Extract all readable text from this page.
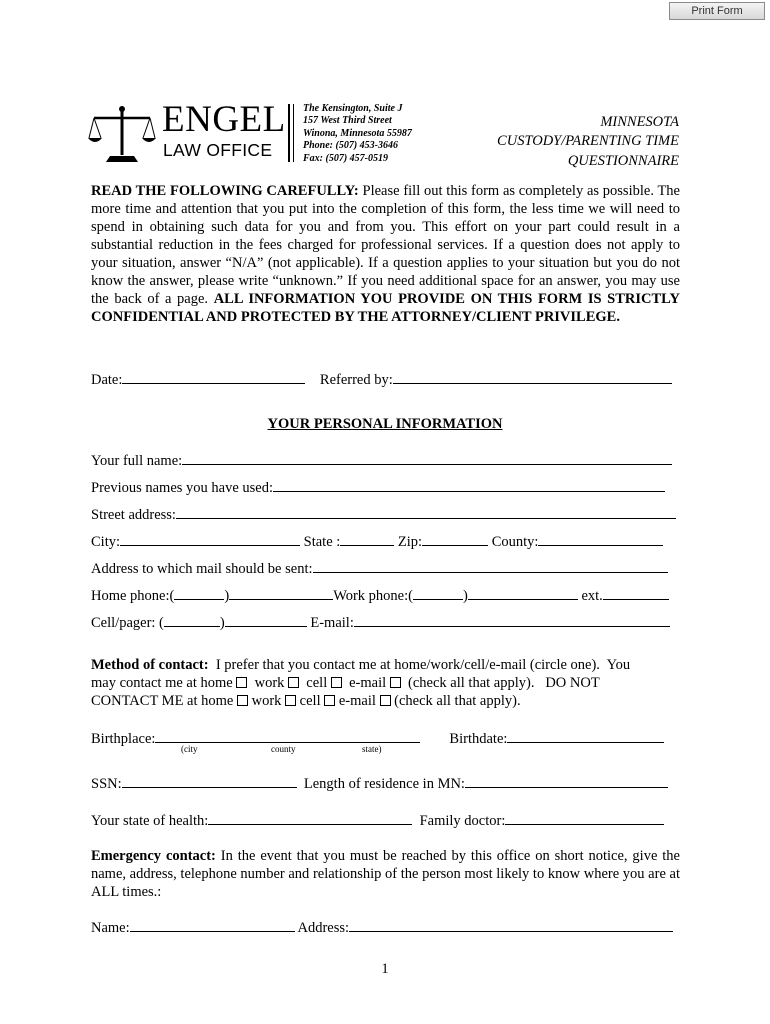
Print Form
ENGEL
LAW OFFICE
The Kensington, Suite J
157 West Third Street
Winona, Minnesota 55987
Phone: (507) 453-3646
Fax: (507) 457-0519
MINNESOTA
CUSTODY/PARENTING TIME
QUESTIONNAIRE
READ THE FOLLOWING CAREFULLY: Please fill out this form as completely as possible. The more time and attention that you put into the completion of this form, the less time we will need to spend in obtaining such data for you and from you. This effort on your part could result in a substantial reduction in the fees charged for professional services. If a question does not apply to your situation, answer “N/A” (not applicable). If a question applies to your situation but you do not know the answer, please write “unknown.” If you need additional space for an answer, you may use the back of a page. ALL INFORMATION YOU PROVIDE ON THIS FORM IS STRICTLY CONFIDENTIAL AND PROTECTED BY THE ATTORNEY/CLIENT PRIVILEGE.
Date:	Referred by:
YOUR PERSONAL INFORMATION
Your full name:
Previous names you have used:
Street address:
City:	State :	Zip:	County:
Address to which mail should be sent:
Home phone:(	)	Work phone:(	)	ext.
Cell/pager: (	)	E-mail:
Method of contact:  I prefer that you contact me at home/work/cell/e-mail (circle one).  You
may contact me at home   work   cell   e-mail   (check all that apply).   DO NOT
CONTACT ME at home  work  cell  e-mail  (check all that apply).
Birthplace:	Birthdate:
(city	county	state)
SSN:	Length of residence in MN:
Your state of health:	Family doctor:
Emergency contact: In the event that you must be reached by this office on short notice, give the name, address, telephone number and relationship of the person most likely to know where you are at ALL times.:
Name:	Address:
1
